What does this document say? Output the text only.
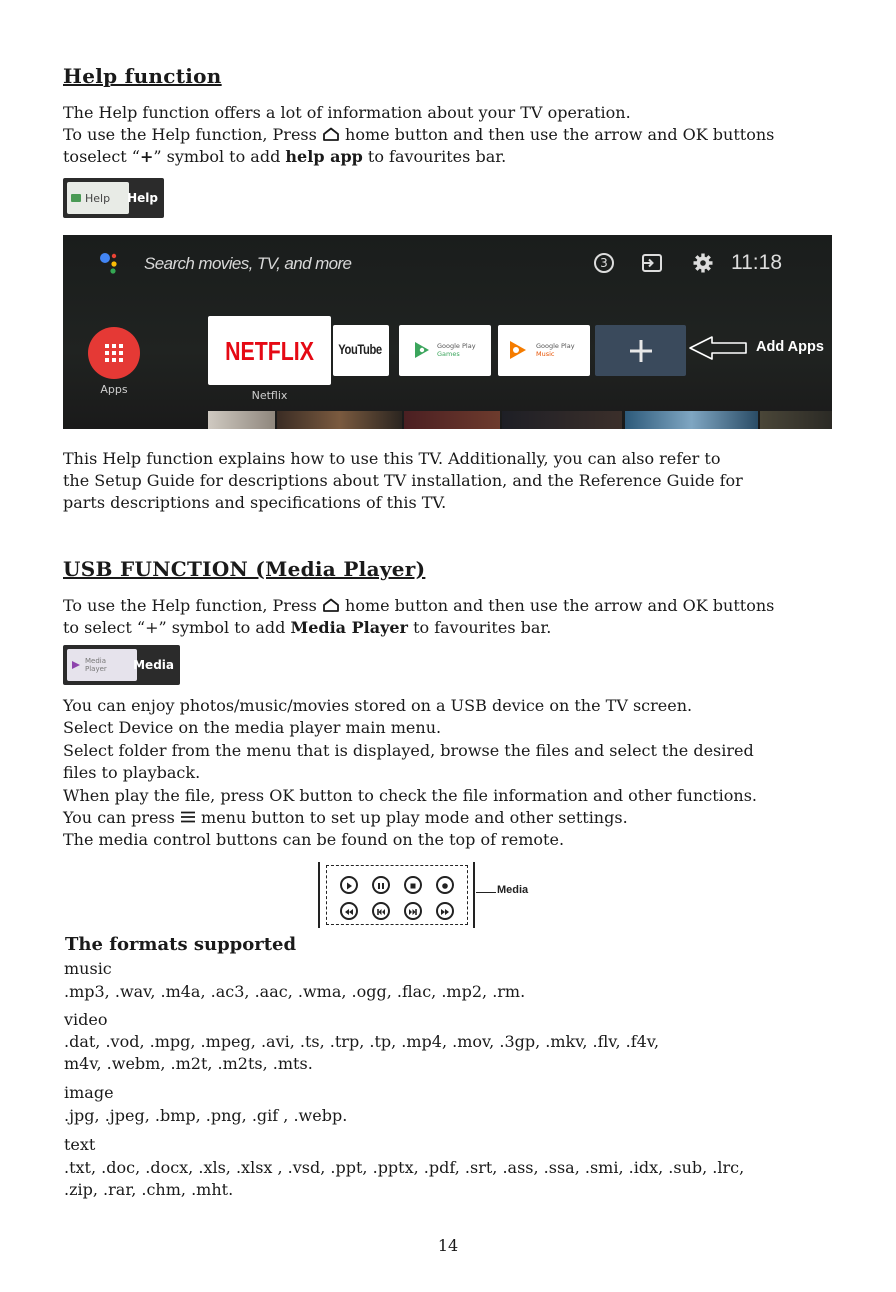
Help function
The Help function offers a lot of information about your TV operation.
To use the Help function, Press  home button and then use the arrow and OK buttons
toselect “+” symbol to add help app to favourites bar.
Help Help
Search movies, TV, and more	3	11:18
Apps
NETFLIX
Netflix
YouTube	Google Play
Games
Google Play
Music	Add Apps
This Help function explains how to use this TV. Additionally, you can also refer to
the Setup Guide for descriptions about TV installation, and the Reference Guide for
parts descriptions and specifications of this TV.
USB FUNCTION (Media Player)
To use the Help function, Press  home button and then use the arrow and OK buttons
to select “+” symbol to add Media Player to favourites bar.
Media
Player Media
You can enjoy photos/music/movies stored on a USB device on the TV screen.
Select Device on the media player main menu.
Select folder from the menu that is displayed, browse the files and select the desired
files to playback.
When play the file, press OK button to check the file information and other functions.
You can press  menu button to set up play mode and other settings.
The media control buttons can be found on the top of remote.
Media
The formats supported
music
.mp3, .wav, .m4a, .ac3, .aac, .wma, .ogg, .flac, .mp2, .rm.
video
.dat, .vod, .mpg, .mpeg, .avi, .ts, .trp, .tp, .mp4, .mov, .3gp, .mkv, .flv, .f4v,
m4v, .webm, .m2t, .m2ts, .mts.
image
.jpg, .jpeg, .bmp, .png, .gif , .webp.
text
.txt, .doc, .docx, .xls, .xlsx , .vsd, .ppt, .pptx, .pdf, .srt, .ass, .ssa, .smi, .idx, .sub, .lrc,
.zip, .rar, .chm, .mht.
14
